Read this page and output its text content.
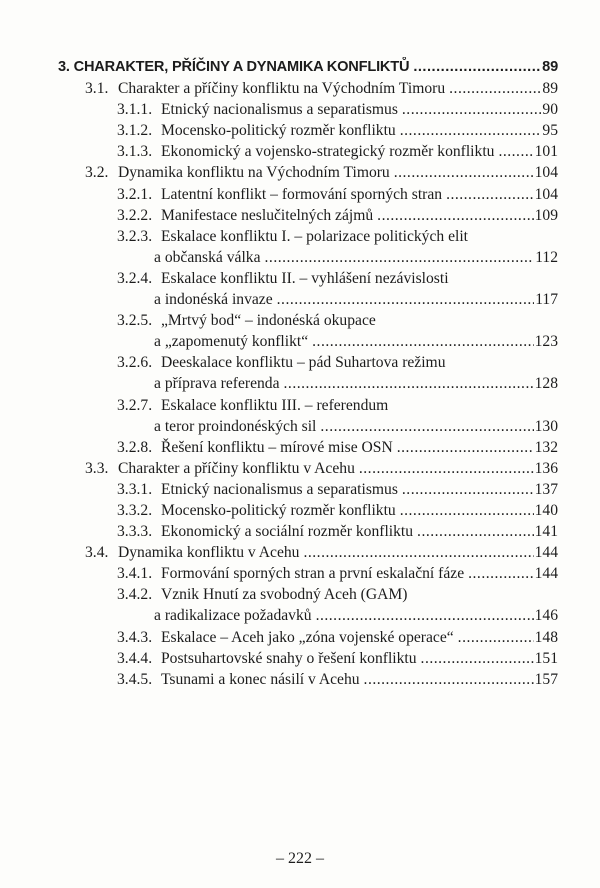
3. CHARAKTER, PŘÍČINY A DYNAMIKA KONFLIKTŮ .....	89
3.1. Charakter a příčiny konfliktu na Východním Timoru .....	89
3.1.1. Etnický nacionalismus a separatismus .....	90
3.1.2. Mocensko-politický rozměr konfliktu .....	95
3.1.3. Ekonomický a vojensko-strategický rozměr konfliktu .....	101
3.2. Dynamika konfliktu na Východním Timoru .....	104
3.2.1. Latentní konflikt – formování sporných stran .....	104
3.2.2. Manifestace neslučitelných zájmů .....	109
3.2.3. Eskalace konfliktu I. – polarizace politických elit
a občanská válka .....	112
3.2.4. Eskalace konfliktu II. – vyhlášení nezávislosti
a indonéská invaze .....	117
3.2.5. „Mrtvý bod“ – indonéská okupace
a „zapomenutý konflikt“ .....	123
3.2.6. Deeskalace konfliktu – pád Suhartova režimu
a příprava referenda .....	128
3.2.7. Eskalace konfliktu III. – referendum
a teror proindonéských sil .....	130
3.2.8. Řešení konfliktu – mírové mise OSN .....	132
3.3. Charakter a příčiny konfliktu v Acehu .....	136
3.3.1. Etnický nacionalismus a separatismus .....	137
3.3.2. Mocensko-politický rozměr konfliktu .....	140
3.3.3. Ekonomický a sociální rozměr konfliktu .....	141
3.4. Dynamika konfliktu v Acehu .....	144
3.4.1. Formování sporných stran a první eskalační fáze .....	144
3.4.2. Vznik Hnutí za svobodný Aceh (GAM)
a radikalizace požadavků .....	146
3.4.3. Eskalace – Aceh jako „zóna vojenské operace“ .....	148
3.4.4. Postsuhartovské snahy o řešení konfliktu .....	151
3.4.5. Tsunami a konec násilí v Acehu .....	157
– 222 –
